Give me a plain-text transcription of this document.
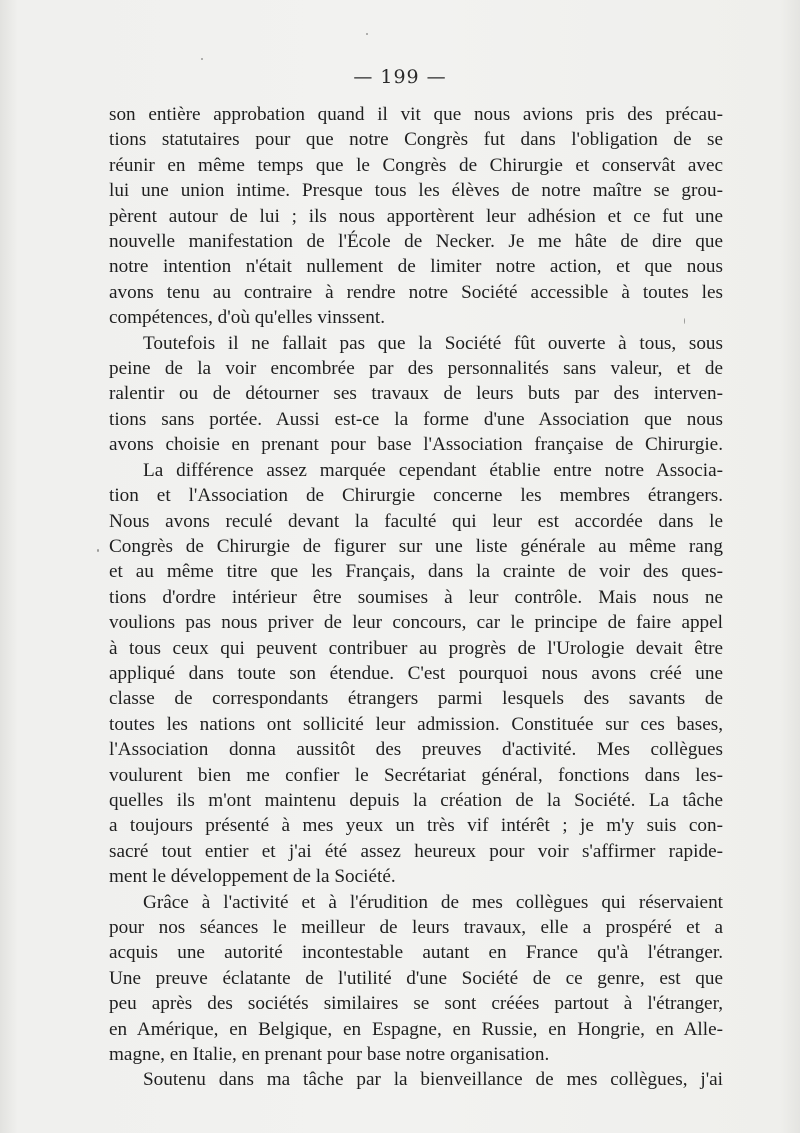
— 199 —
son entière approbation quand il vit que nous avions pris des précau-
tions statutaires pour que notre Congrès fut dans l'obligation de se
réunir en même temps que le Congrès de Chirurgie et conservât avec
lui une union intime. Presque tous les élèves de notre maître se grou-
pèrent autour de lui ; ils nous apportèrent leur adhésion et ce fut une
nouvelle manifestation de l'École de Necker. Je me hâte de dire que
notre intention n'était nullement de limiter notre action, et que nous
avons tenu au contraire à rendre notre Société accessible à toutes les
compétences, d'où qu'elles vinssent.
Toutefois il ne fallait pas que la Société fût ouverte à tous, sous
peine de la voir encombrée par des personnalités sans valeur, et de
ralentir ou de détourner ses travaux de leurs buts par des interven-
tions sans portée. Aussi est-ce la forme d'une Association que nous
avons choisie en prenant pour base l'Association française de Chirurgie.
La différence assez marquée cependant établie entre notre Associa-
tion et l'Association de Chirurgie concerne les membres étrangers.
Nous avons reculé devant la faculté qui leur est accordée dans le
Congrès de Chirurgie de figurer sur une liste générale au même rang
et au même titre que les Français, dans la crainte de voir des ques-
tions d'ordre intérieur être soumises à leur contrôle. Mais nous ne
voulions pas nous priver de leur concours, car le principe de faire appel
à tous ceux qui peuvent contribuer au progrès de l'Urologie devait être
appliqué dans toute son étendue. C'est pourquoi nous avons créé une
classe de correspondants étrangers parmi lesquels des savants de
toutes les nations ont sollicité leur admission. Constituée sur ces bases,
l'Association donna aussitôt des preuves d'activité. Mes collègues
voulurent bien me confier le Secrétariat général, fonctions dans les-
quelles ils m'ont maintenu depuis la création de la Société. La tâche
a toujours présenté à mes yeux un très vif intérêt ; je m'y suis con-
sacré tout entier et j'ai été assez heureux pour voir s'affirmer rapide-
ment le développement de la Société.
Grâce à l'activité et à l'érudition de mes collègues qui réservaient
pour nos séances le meilleur de leurs travaux, elle a prospéré et a
acquis une autorité incontestable autant en France qu'à l'étranger.
Une preuve éclatante de l'utilité d'une Société de ce genre, est que
peu après des sociétés similaires se sont créées partout à l'étranger,
en Amérique, en Belgique, en Espagne, en Russie, en Hongrie, en Alle-
magne, en Italie, en prenant pour base notre organisation.
Soutenu dans ma tâche par la bienveillance de mes collègues, j'ai
